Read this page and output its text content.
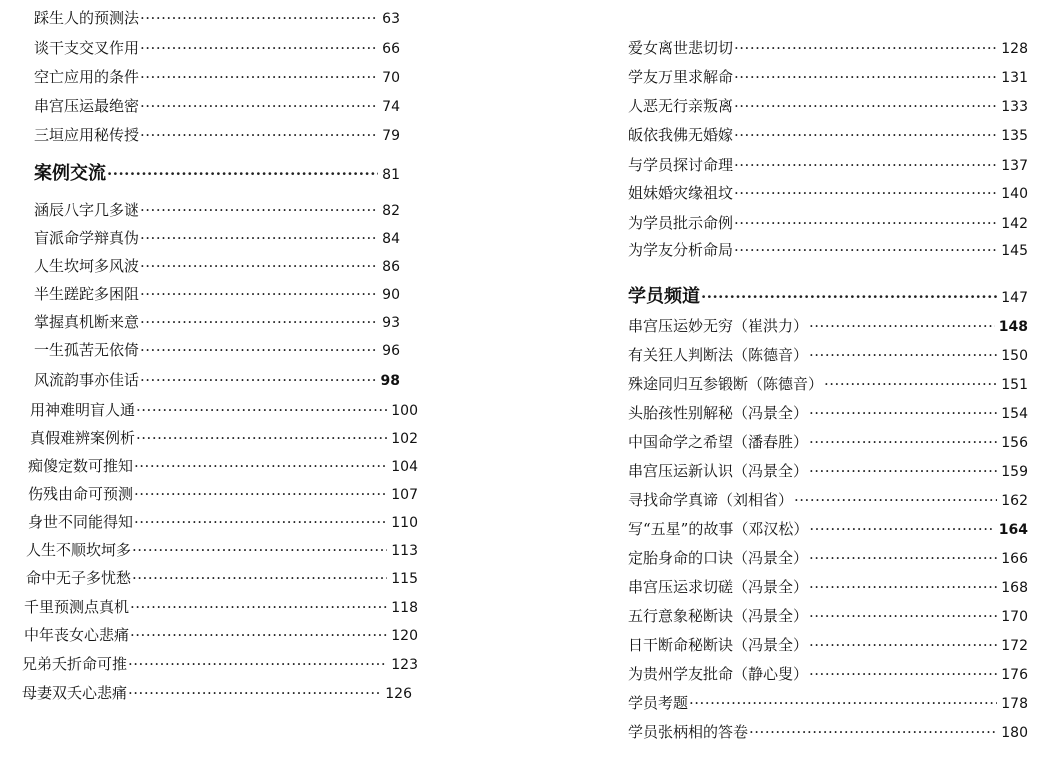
踩生人的预测法 ·····	63
谈干支交叉作用 ·····	66
空亡应用的条件 ·····	70
串宫压运最绝密 ·····	74
三垣应用秘传授 ·····	79
案例交流 ·····	81
涵辰八字几多谜 ·····	82
盲派命学辩真伪 ·····	84
人生坎坷多风波 ·····	86
半生蹉跎多困阻 ·····	90
掌握真机断来意 ·····	93
一生孤苦无依倚 ·····	96
风流韵事亦佳话 ·····	98
用神难明盲人通 ·····	100
真假难辨案例析 ·····	102
痴傻定数可推知 ·····	104
伤残由命可预测 ·····	107
身世不同能得知 ·····	110
人生不顺坎坷多 ·····	113
命中无子多忧愁 ·····	115
千里预测点真机 ·····	118
中年丧女心悲痛 ·····	120
兄弟夭折命可推 ·····	123
母妻双夭心悲痛 ·····	126
爱女离世悲切切 ·····	128
学友万里求解命 ·····	131
人恶无行亲叛离 ·····	133
皈依我佛无婚嫁 ·····	135
与学员探讨命理 ·····	137
姐妹婚灾缘祖坟 ·····	140
为学员批示命例 ·····	142
为学友分析命局 ·····	145
学员频道 ·····	147
串宫压运妙无穷（崔洪力） ·····	148
有关狂人判断法（陈德音） ·····	150
殊途同归互参锻断（陈德音） ·····	151
头胎孩性别解秘（冯景全） ·····	154
中国命学之希望（潘春胜） ·····	156
串宫压运新认识（冯景全） ·····	159
寻找命学真谛（刘相省） ·····	162
写“五星”的故事（邓汉松） ·····	164
定胎身命的口诀（冯景全） ·····	166
串宫压运求切磋（冯景全） ·····	168
五行意象秘断诀（冯景全） ·····	170
日干断命秘断诀（冯景全） ·····	172
为贵州学友批命（静心叟） ·····	176
学员考题 ·····	178
学员张柄相的答卷 ·····	180
